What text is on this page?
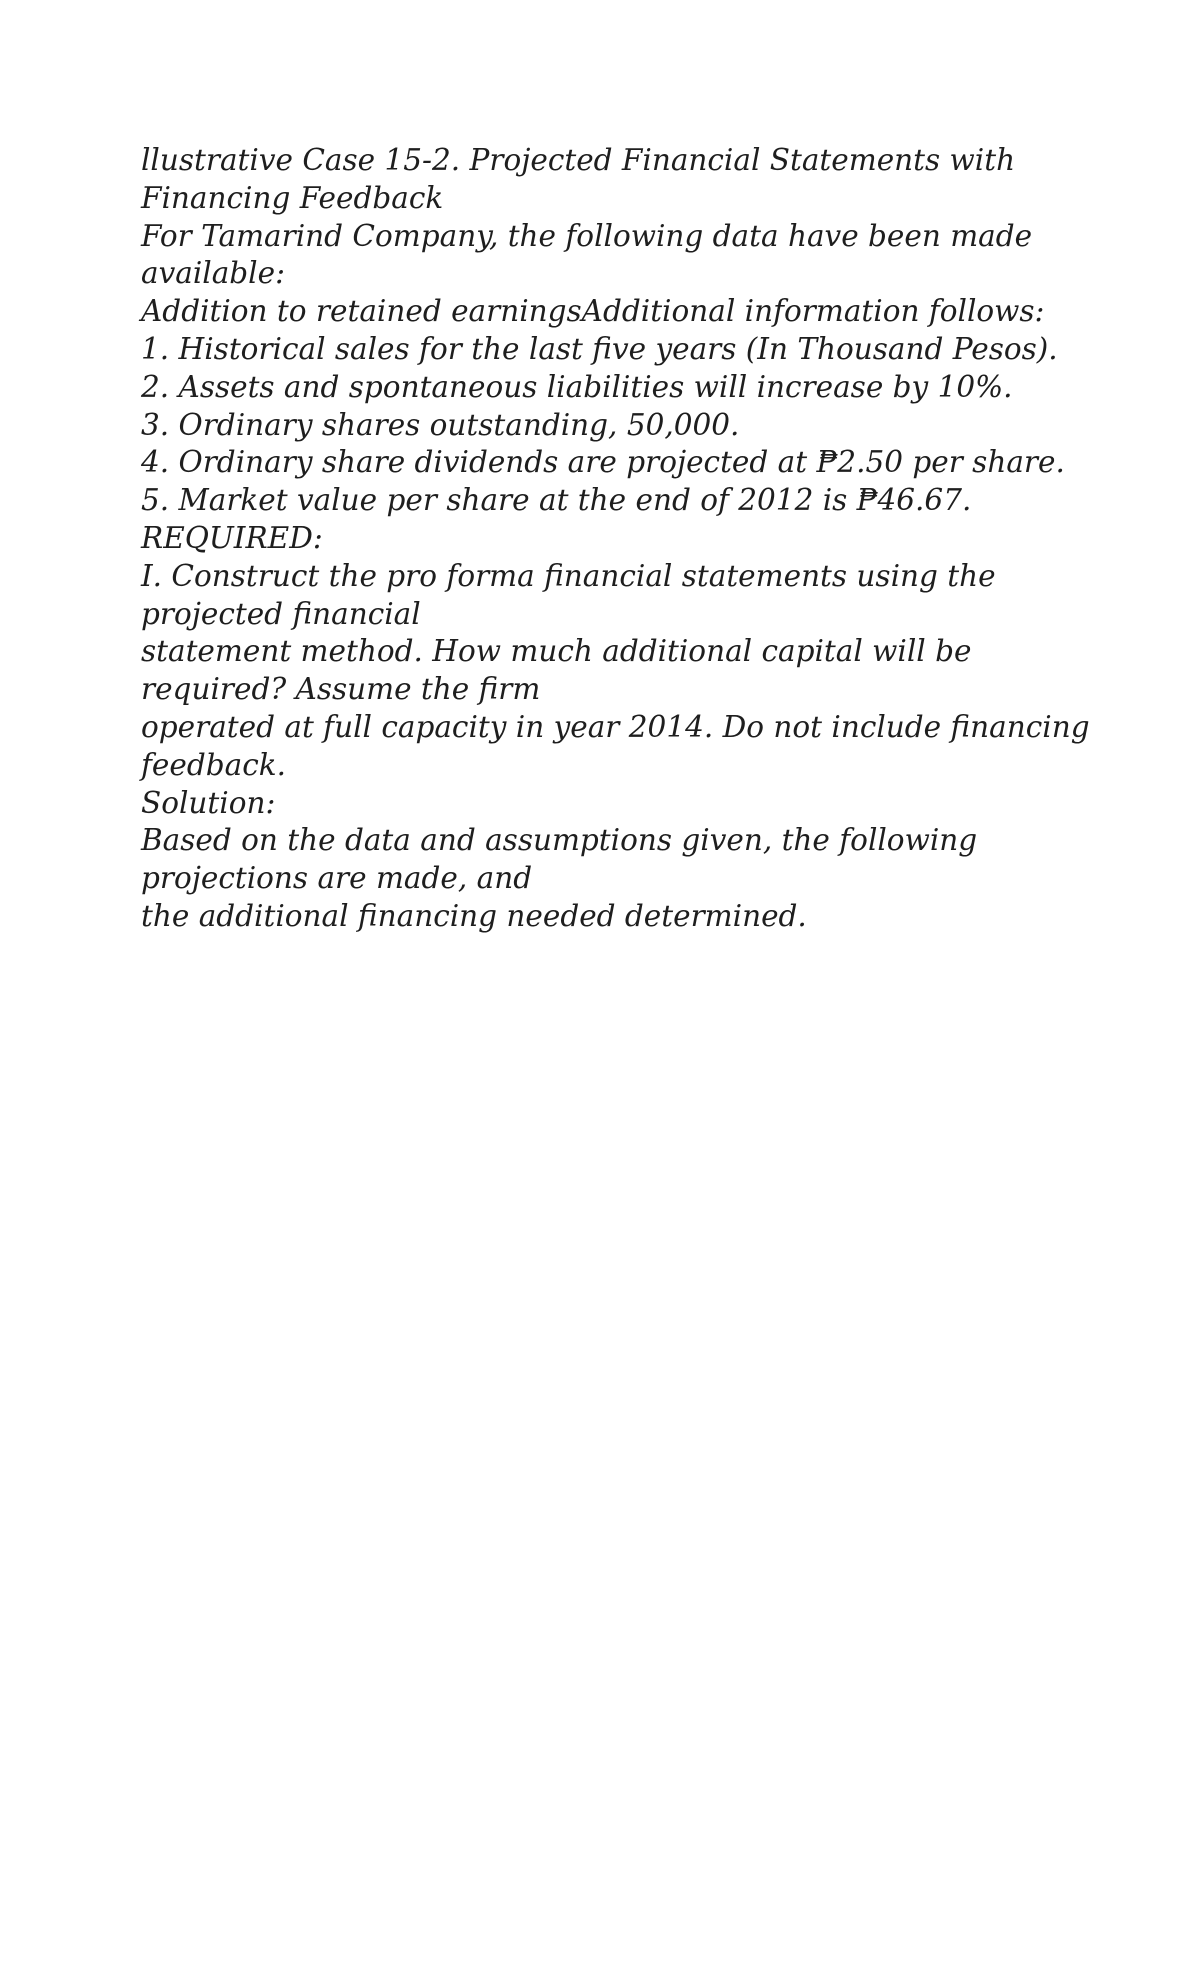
llustrative Case 15-2. Projected Financial Statements with
Financing Feedback
For Tamarind Company, the following data have been made
available:
Addition to retained earningsAdditional information follows:
1. Historical sales for the last five years (In Thousand Pesos).
2. Assets and spontaneous liabilities will increase by 10%.
3. Ordinary shares outstanding, 50,000.
4. Ordinary share dividends are projected at ₱2.50 per share.
5. Market value per share at the end of 2012 is ₱46.67.
REQUIRED:
I. Construct the pro forma financial statements using the
projected financial
statement method. How much additional capital will be
required? Assume the firm
operated at full capacity in year 2014. Do not include financing
feedback.
Solution:
Based on the data and assumptions given, the following
projections are made, and
the additional financing needed determined.
